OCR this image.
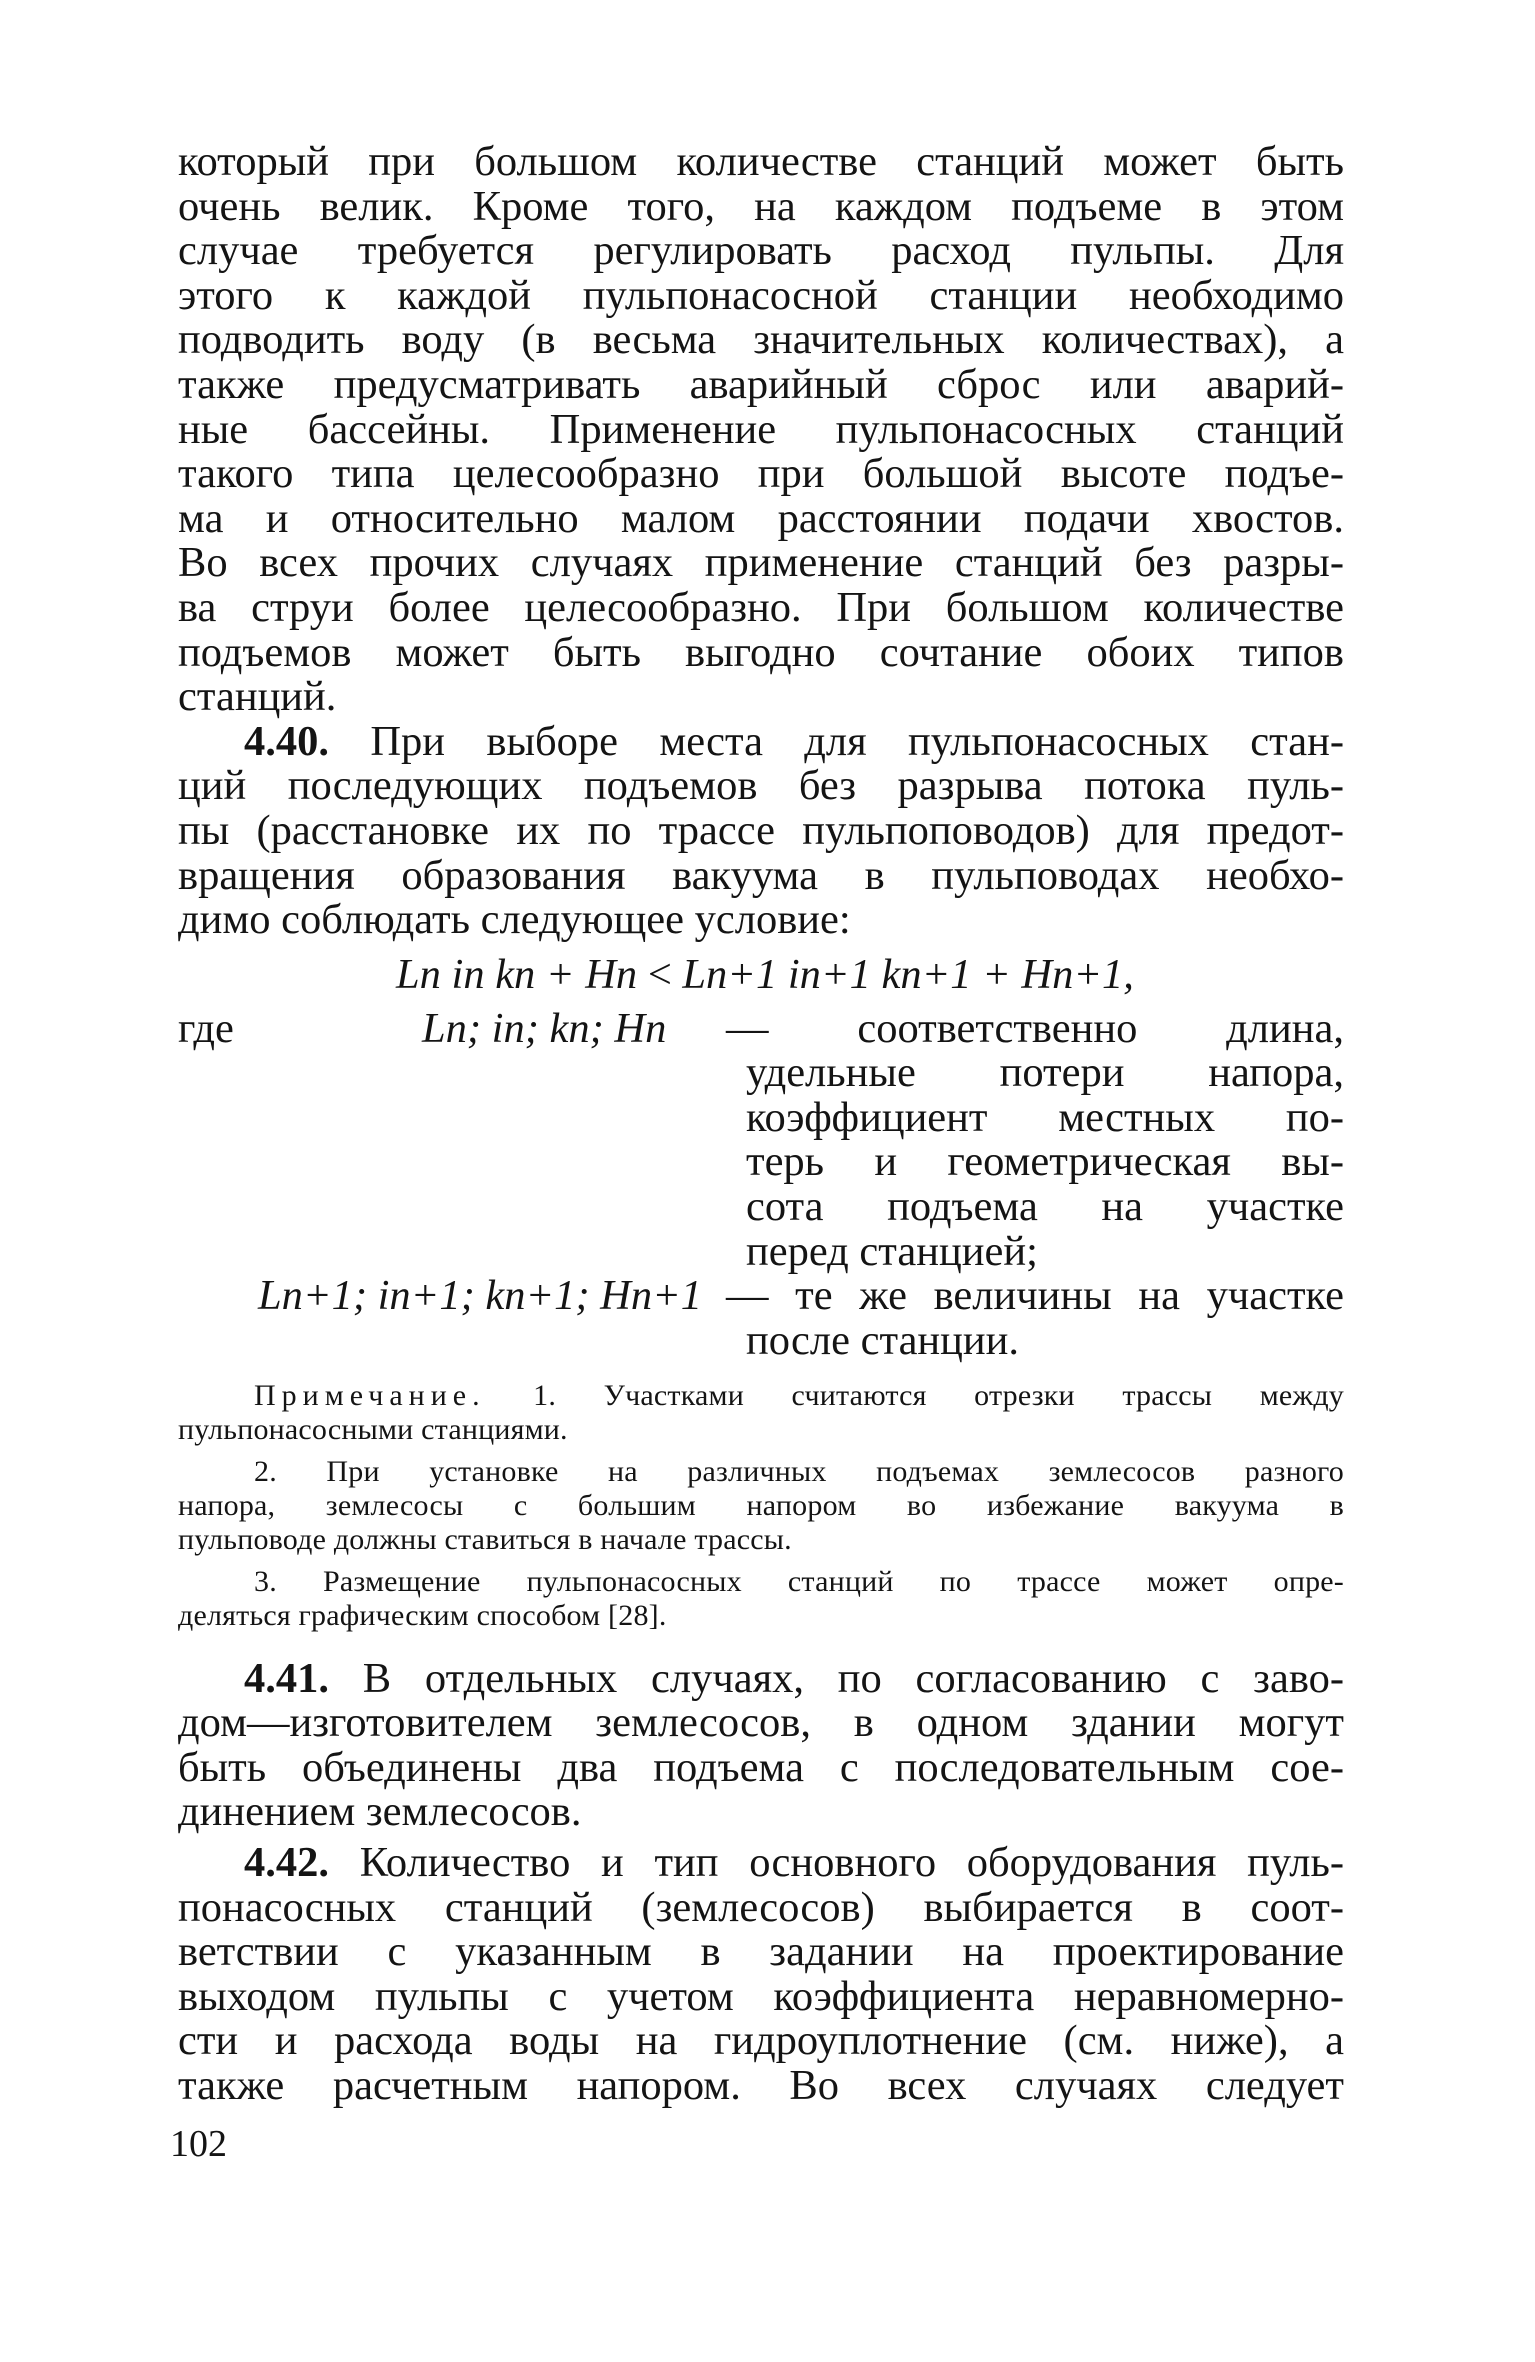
который при большом количестве станций может быть
очень велик. Кроме того, на каждом подъеме в этом
случае требуется регулировать расход пульпы. Для
этого к каждой пульпонасосной станции необходимо
подводить воду (в весьма значительных количествах), а
также предусматривать аварийный сброс или аварий-
ные бассейны. Применение пульпонасосных станций
такого типа целесообразно при большой высоте подъе-
ма и относительно малом расстоянии подачи хвостов.
Во всех прочих случаях применение станций без разры-
ва струи более целесообразно. При большом количестве
подъемов может быть выгодно сочтание обоих типов
станций.
4.40. При выборе места для пульпонасосных стан-
ций последующих подъемов без разрыва потока пуль-
пы (расстановке их по трассе пульпоповодов) для предот-
вращения образования вакуума в пульповодах необхо-
димо соблюдать следующее условие:
Lп iп kп + Hп < Lп+1 iп+1 kп+1 + Hп+1,
где	Lп; iп; kп; Hп — соответственно длина,
удельные потери напора,
коэффициент местных по-
терь и геометрическая вы-
сота подъема на участке
перед станцией;
Lп+1; iп+1; kп+1; Hп+1 — те же величины на участке
после станции.
Примечание. 1. Участками считаются отрезки трассы между
пульпонасосными станциями.
2. При установке на различных подъемах землесосов разного
напора, землесосы с большим напором во избежание вакуума в
пульповоде должны ставиться в начале трассы.
3. Размещение пульпонасосных станций по трассе может опре-
деляться графическим способом [28].
4.41. В отдельных случаях, по согласованию с заво-
дом—изготовителем землесосов, в одном здании могут
быть объединены два подъема с последовательным сое-
динением землесосов.
4.42. Количество и тип основного оборудования пуль-
понасосных станций (землесосов) выбирается в соот-
ветствии с указанным в задании на проектирование
выходом пульпы с учетом коэффициента неравномерно-
сти и расхода воды на гидроуплотнение (см. ниже), а
также расчетным напором. Во всех случаях следует
102
